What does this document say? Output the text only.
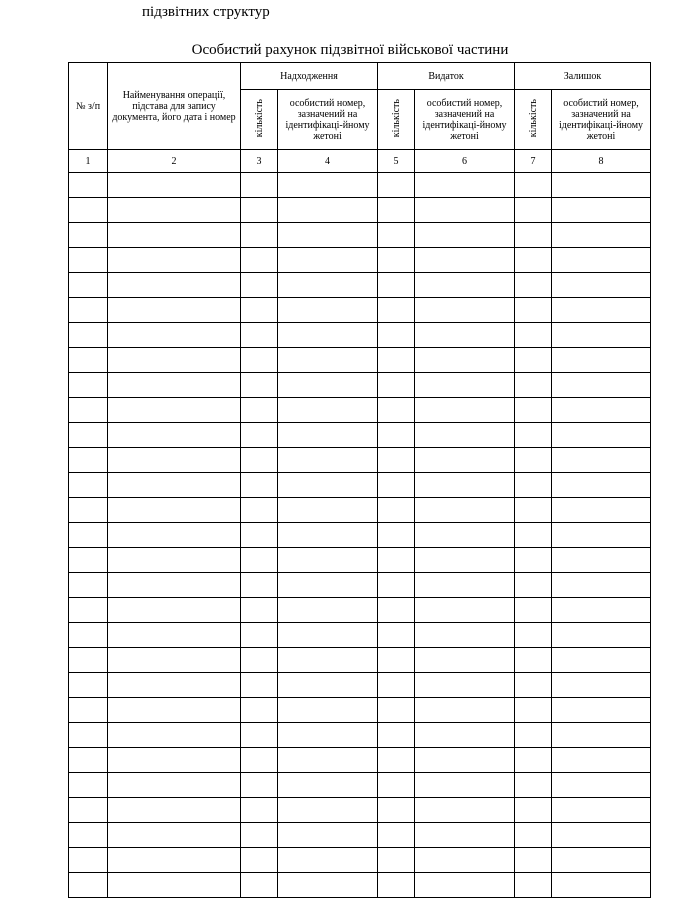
підзвітних структур
Особистий рахунок підзвітної військової частини
№ з/п	Найменування операції, підстава для запису документа, його дата і номер	Надходження		Видаток		Залишок	
		кількість	особистий номер, зазначений на ідентифікаці-йному жетоні	кількість	особистий номер, зазначений на ідентифікаці-йному жетоні	кількість	особистий номер, зазначений на ідентифікаці-йному жетоні

1	2	3	4	5	6	7	8
